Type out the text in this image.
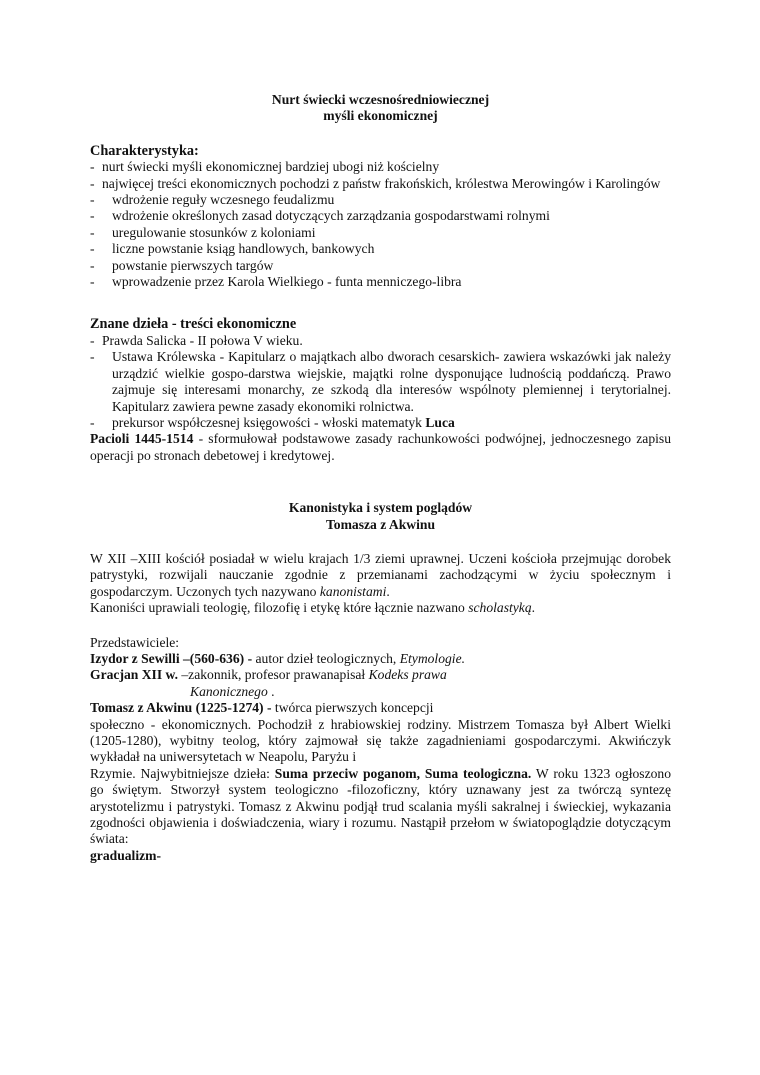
Nurt świecki wczesnośredniowiecznej
myśli ekonomicznej
Charakterystyka:
- nurt świecki myśli ekonomicznej bardziej ubogi niż kościelny
- najwięcej treści ekonomicznych pochodzi z państw frakońskich, królestwa Merowingów i Karolingów
-	wdrożenie reguły wczesnego feudalizmu
-	wdrożenie określonych zasad dotyczących zarządzania gospodarstwami rolnymi
-	uregulowanie stosunków z koloniami
-	liczne powstanie ksiąg handlowych, bankowych
-	powstanie pierwszych targów
-	wprowadzenie przez Karola Wielkiego - funta menniczego-libra
Znane dzieła - treści ekonomiczne
- Prawda Salicka - II połowa V wieku.
-	Ustawa Królewska - Kapitularz o majątkach albo dworach cesarskich- zawiera wskazówki jak należy urządzić wielkie gospo-darstwa wiejskie, majątki rolne dysponujące ludnością poddańczą. Prawo zajmuje się interesami monarchy, ze szkodą dla interesów wspólnoty plemiennej i terytorialnej. Kapitularz zawiera pewne zasady ekonomiki rolnictwa.
-	prekursor współczesnej księgowości - włoski matematyk Luca
Pacioli 1445-1514 - sformułował podstawowe zasady rachunkowości podwójnej, jednoczesnego zapisu operacji po stronach debetowej i kredytowej.
Kanonistyka i system poglądów
Tomasza z Akwinu
W XII –XIII kościół posiadał w wielu krajach 1/3 ziemi uprawnej. Uczeni kościoła przejmując dorobek patrystyki, rozwijali nauczanie zgodnie z przemianami zachodzącymi w życiu społecznym i gospodarczym. Uczonych tych nazywano kanonistami.
Kanoniści uprawiali teologię, filozofię i etykę które łącznie nazwano scholastyką.
Przedstawiciele:
Izydor z Sewilli –(560-636) - autor dzieł teologicznych, Etymologie.
Gracjan XII w. –zakonnik, profesor prawanapisał Kodeks prawa
Kanonicznego .
Tomasz z Akwinu (1225-1274) - twórca pierwszych koncepcji
społeczno - ekonomicznych. Pochodził z hrabiowskiej rodziny. Mistrzem Tomasza był Albert Wielki (1205-1280), wybitny teolog, który zajmował się także zagadnieniami gospodarczymi. Akwińczyk wykładał na uniwersytetach w Neapolu, Paryżu i
Rzymie. Najwybitniejsze dzieła: Suma przeciw poganom, Suma teologiczna. W roku 1323 ogłoszono go świętym. Stworzył system teologiczno -filozoficzny, który uznawany jest za twórczą syntezę arystotelizmu i patrystyki. Tomasz z Akwinu podjął trud scalania myśli sakralnej i świeckiej, wykazania zgodności objawienia i doświadczenia, wiary i rozumu. Nastąpił przełom w światopoglądzie dotyczącym świata:
gradualizm-
